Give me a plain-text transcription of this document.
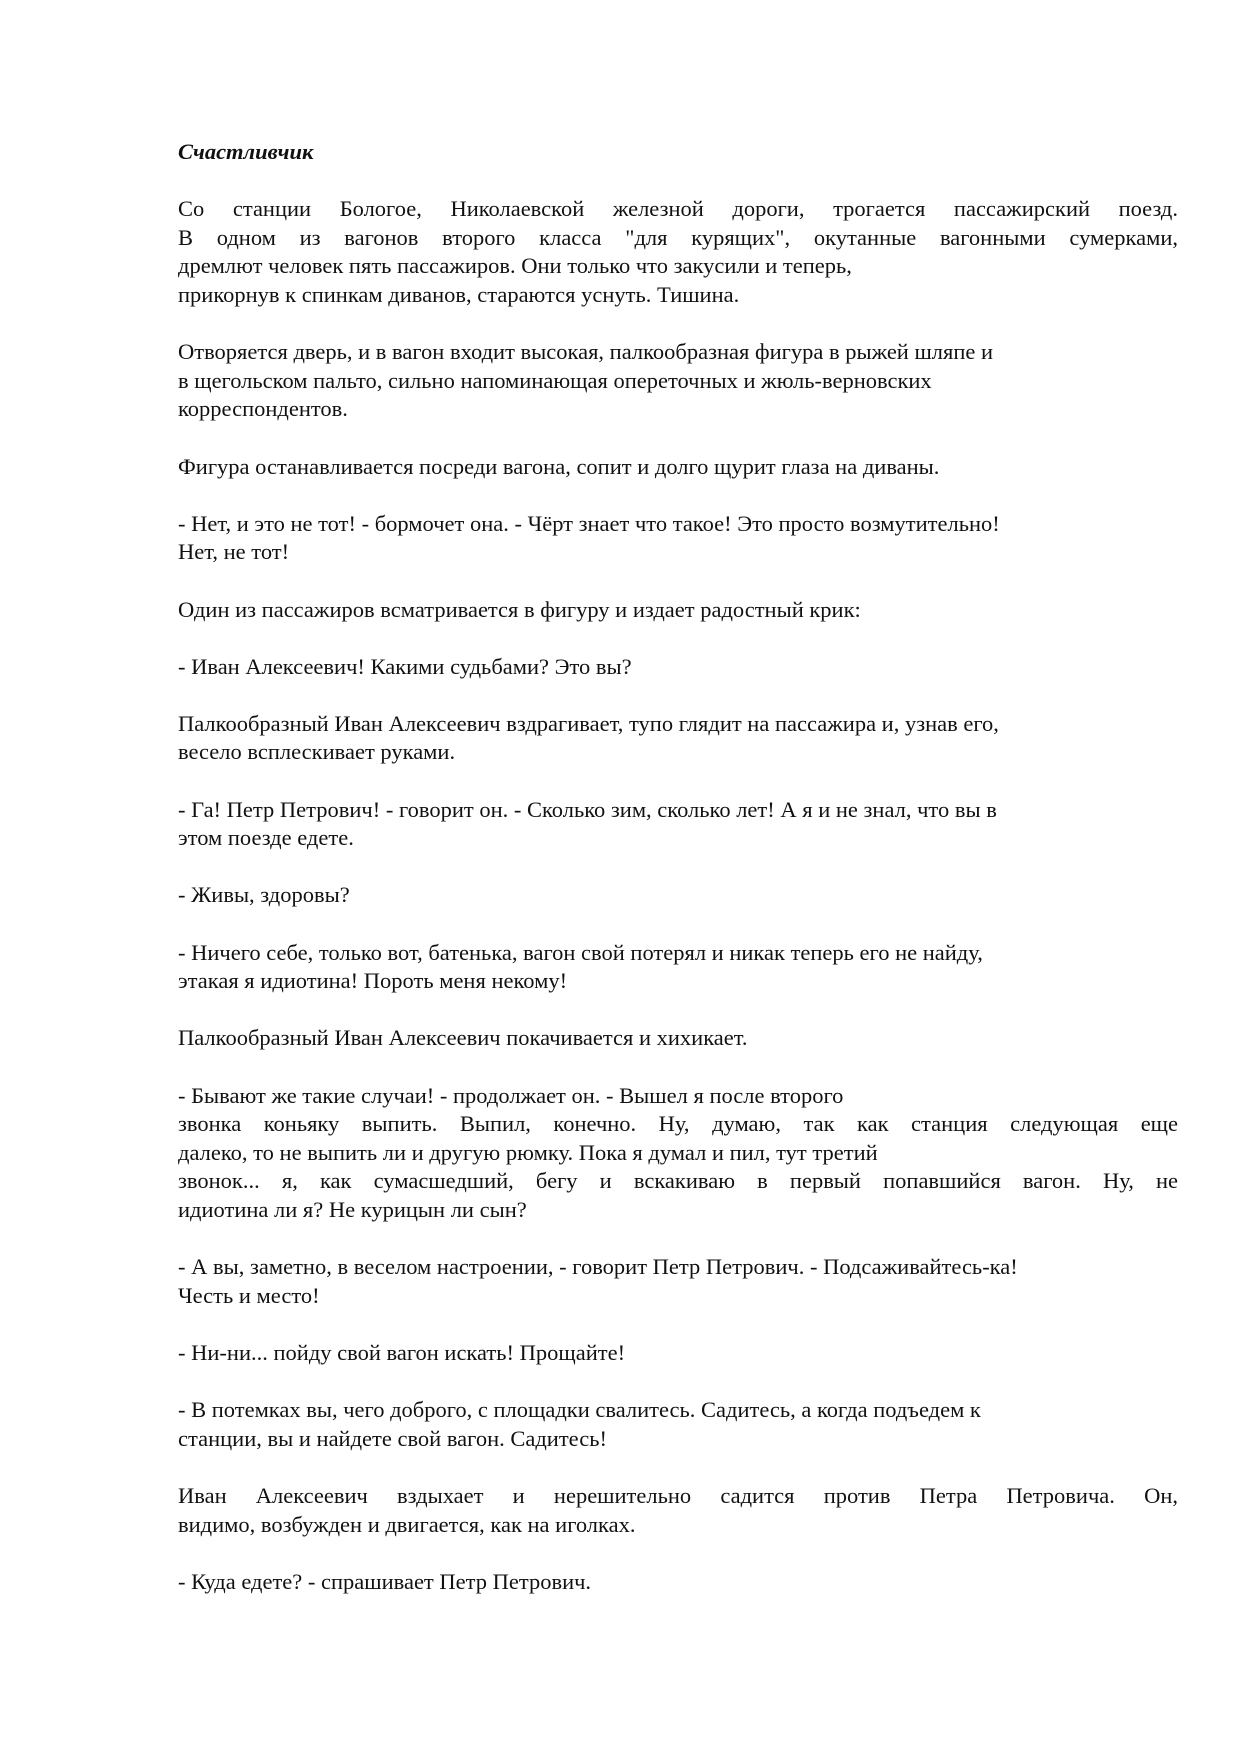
Счастливчик
Со станции Бологое, Николаевской железной дороги, трогается пассажирский поезд.
В одном из вагонов второго класса "для курящих", окутанные вагонными сумерками,
дремлют человек пять пассажиров. Они только что закусили и теперь,
прикорнув к спинкам диванов, стараются уснуть. Тишина.
Отворяется дверь, и в вагон входит высокая, палкообразная фигура в рыжей шляпе и
в щегольском пальто, сильно напоминающая опереточных и жюль-верновских
корреспондентов.
Фигура останавливается посреди вагона, сопит и долго щурит глаза на диваны.
- Нет, и это не тот! - бормочет она. - Чёрт знает что такое! Это просто возмутительно!
Нет, не тот!
Один из пассажиров всматривается в фигуру и издает радостный крик:
- Иван Алексеевич! Какими судьбами? Это вы?
Палкообразный Иван Алексеевич вздрагивает, тупо глядит на пассажира и, узнав его,
весело всплескивает руками.
- Га! Петр Петрович! - говорит он. - Сколько зим, сколько лет! А я и не знал, что вы в
этом поезде едете.
- Живы, здоровы?
- Ничего себе, только вот, батенька, вагон свой потерял и никак теперь его не найду,
этакая я идиотина! Пороть меня некому!
Палкообразный Иван Алексеевич покачивается и хихикает.
- Бывают же такие случаи! - продолжает он. - Вышел я после второго
звонка коньяку выпить. Выпил, конечно. Ну, думаю, так как станция следующая еще
далеко, то не выпить ли и другую рюмку. Пока я думал и пил, тут третий
звонок... я, как сумасшедший, бегу и вскакиваю в первый попавшийся вагон. Ну, не
идиотина ли я? Не курицын ли сын?
- А вы, заметно, в веселом настроении, - говорит Петр Петрович. - Подсаживайтесь-ка!
Честь и место!
- Ни-ни... пойду свой вагон искать! Прощайте!
- В потемках вы, чего доброго, с площадки свалитесь. Садитесь, а когда подъедем к
станции, вы и найдете свой вагон. Садитесь!
Иван Алексеевич вздыхает и нерешительно садится против Петра Петровича. Он,
видимо, возбужден и двигается, как на иголках.
- Куда едете? - спрашивает Петр Петрович.
